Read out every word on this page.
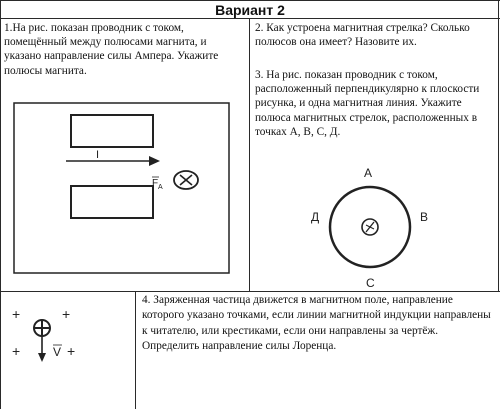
Вариант 2
1.На рис. показан проводник с током, помещённый между полюсами магнита, и указано направление силы Ампера. Укажите полюсы магнита.
2. Как устроена магнитная стрелка? Сколько полюсов она имеет? Назовите их.
3. На рис. показан проводник с током, расположенный перпендикулярно к плоскости рисунка, и одна магнитная линия. Укажите полюса магнитных стрелок, расположенных в точках А, В, С, Д.
4. Заряженная частица движется в магнитном поле, направление которого указано точками, если линии магнитной индукции направлены к читателю, или крестиками, если они направлены за чертёж. Определить направление силы Лоренца.
I
F A
А
В
С
Д
+	+
+	+
V
